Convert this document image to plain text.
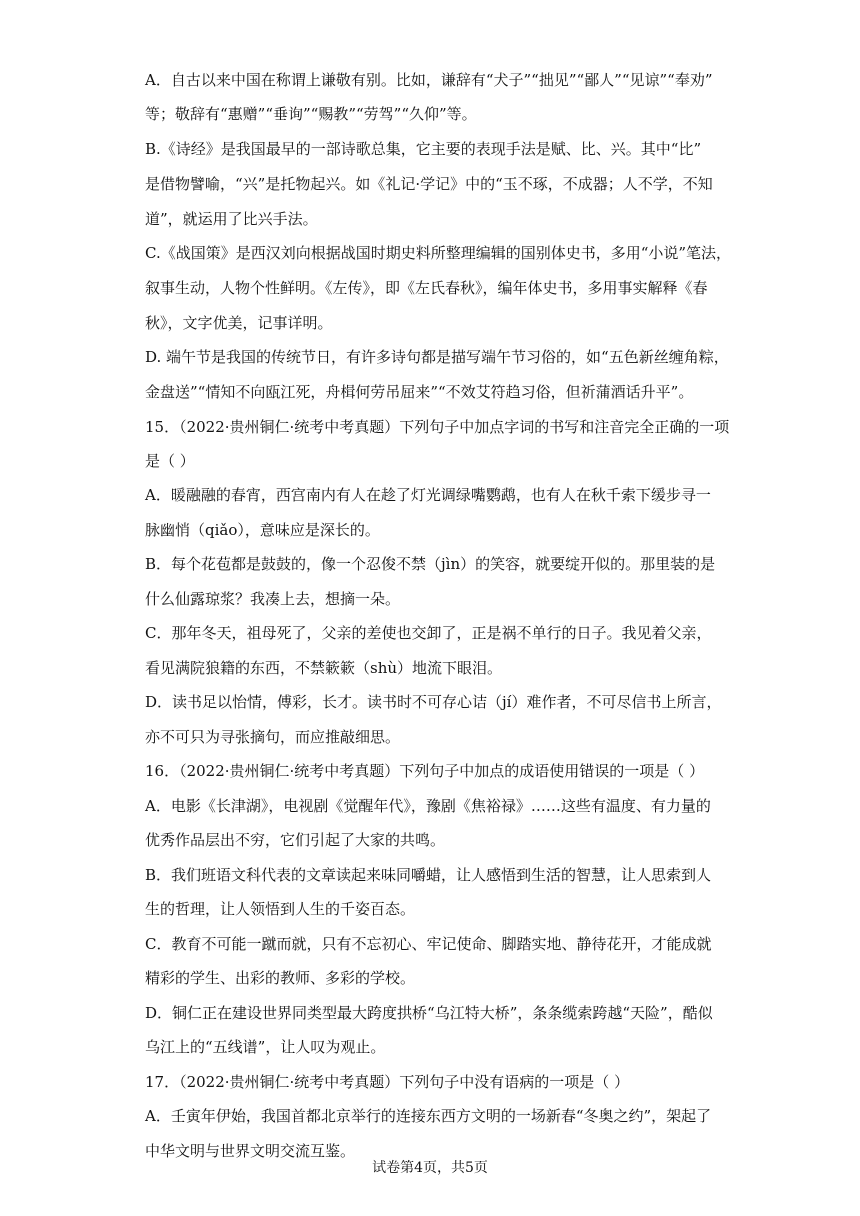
A．自古以来中国在称谓上谦敬有别。比如，谦辞有“犬子”“拙见”“鄙人”“见谅”“奉劝”
等；敬辞有“惠赠”“垂询”“赐教”“劳驾”“久仰”等。
B.《诗经》是我国最早的一部诗歌总集，它主要的表现手法是赋、比、兴。其中“比”
是借物譬喻，“兴”是托物起兴。如《礼记·学记》中的“玉不琢，不成器；人不学，不知
道”，就运用了比兴手法。
C.《战国策》是西汉刘向根据战国时期史料所整理编辑的国别体史书，多用“小说”笔法，
叙事生动，人物个性鲜明。《左传》，即《左氏春秋》，编年体史书，多用事实解释《春
秋》，文字优美，记事详明。
D. 端午节是我国的传统节日，有许多诗句都是描写端午节习俗的，如“五色新丝缠角粽，
金盘送”“情知不向瓯江死，舟楫何劳吊屈来”“不效艾符趋习俗，但祈蒲酒话升平”。
15．（2022·贵州铜仁·统考中考真题）下列句子中加点字词的书写和注音完全正确的一项
是（ ）
A．暖融融的春宵，西宫南内有人在趁了灯光调绿嘴鹦鹉，也有人在秋千索下缓步寻一
脉幽悄（qiǎo），意味应是深长的。
B．每个花苞都是鼓鼓的，像一个忍俊不禁（jìn）的笑容，就要绽开似的。那里装的是
什么仙露琼浆？我凑上去，想摘一朵。
C．那年冬天，祖母死了，父亲的差使也交卸了，正是祸不单行的日子。我见着父亲，
看见满院狼籍的东西，不禁簌簌（shù）地流下眼泪。
D．读书足以怡情，傅彩，长才。读书时不可存心诘（jí）难作者，不可尽信书上所言，
亦不可只为寻张摘句，而应推敲细思。
16．（2022·贵州铜仁·统考中考真题）下列句子中加点的成语使用错误的一项是（ ）
A．电影《长津湖》，电视剧《觉醒年代》，豫剧《焦裕禄》……这些有温度、有力量的
优秀作品层出不穷，它们引起了大家的共鸣。
B．我们班语文科代表的文章读起来味同嚼蜡，让人感悟到生活的智慧，让人思索到人
生的哲理，让人领悟到人生的千姿百态。
C．教育不可能一蹴而就，只有不忘初心、牢记使命、脚踏实地、静待花开，才能成就
精彩的学生、出彩的教师、多彩的学校。
D．铜仁正在建设世界同类型最大跨度拱桥“乌江特大桥”，条条缆索跨越“天险”，酷似
乌江上的“五线谱”，让人叹为观止。
17．（2022·贵州铜仁·统考中考真题）下列句子中没有语病的一项是（ ）
A．壬寅年伊始，我国首都北京举行的连接东西方文明的一场新春“冬奥之约”，架起了
中华文明与世界文明交流互鉴。
试卷第4页，共5页
